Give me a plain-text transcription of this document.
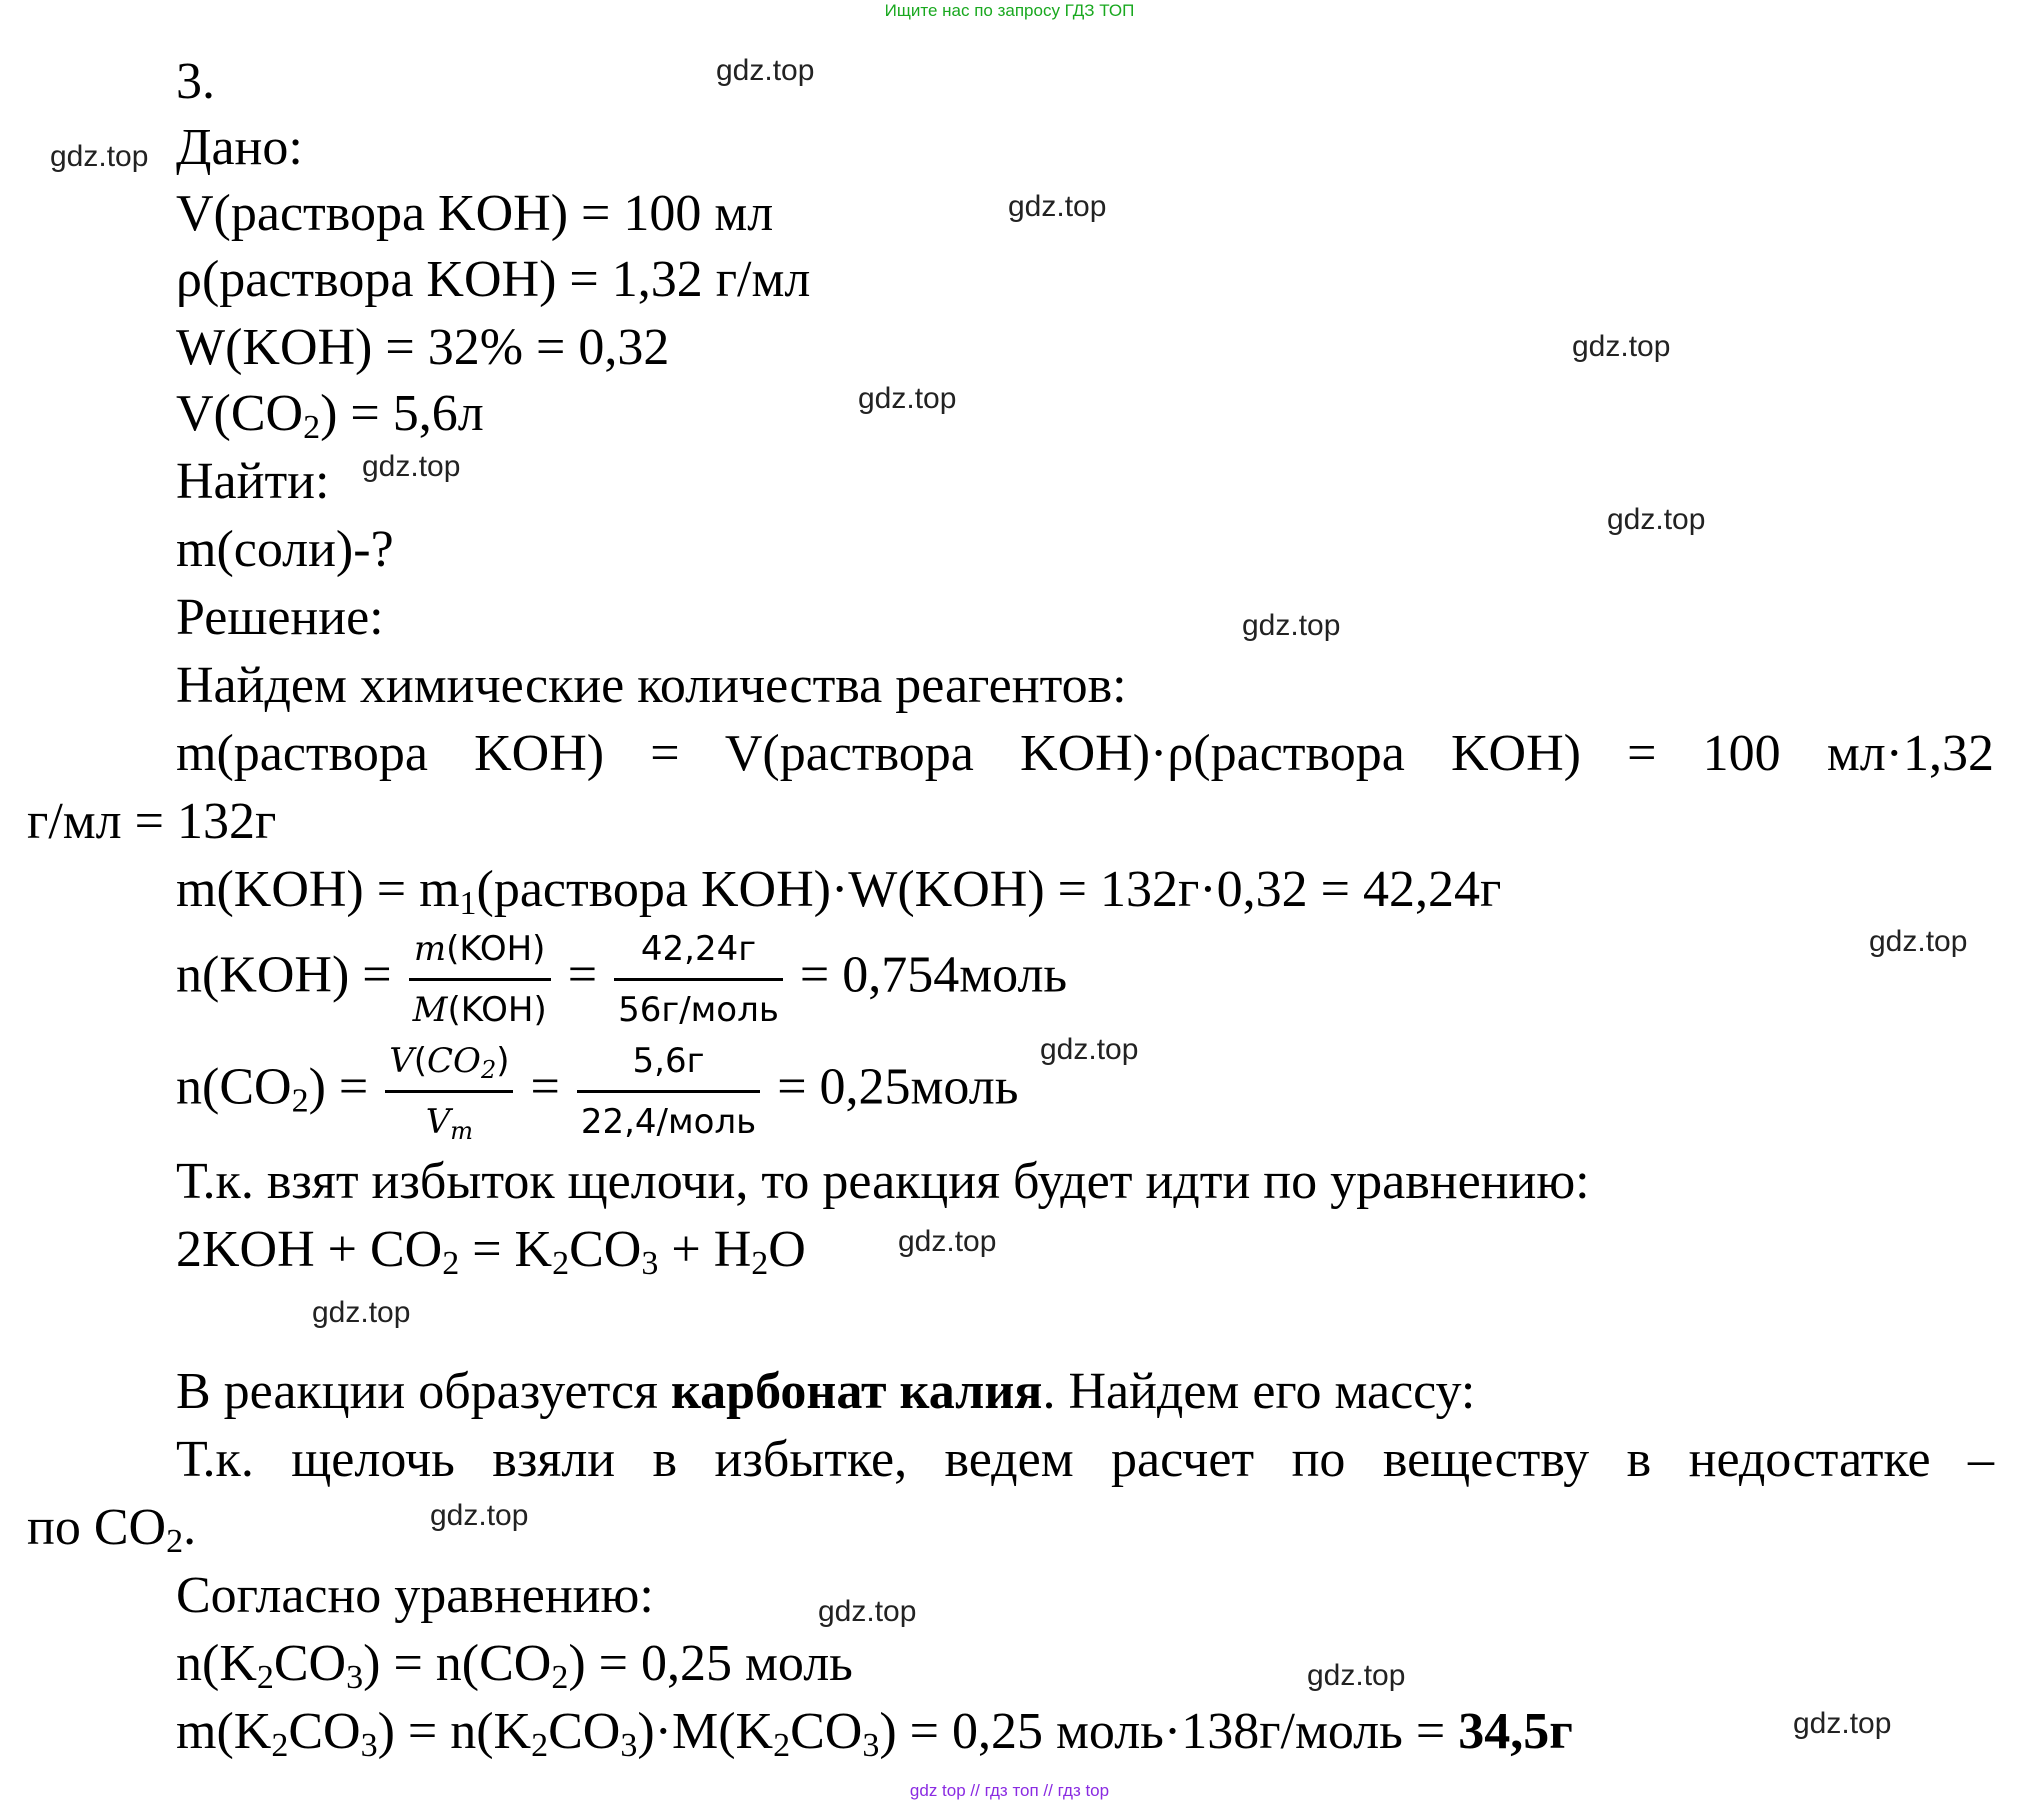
Ищите нас по запросу ГДЗ ТОП
gdz.top
gdz.top
gdz.top
gdz.top
gdz.top
gdz.top
gdz.top
gdz.top
gdz.top
gdz.top
gdz.top
gdz.top
gdz.top
gdz.top
gdz.top
gdz.top
3.
Дано:
V(раствора KOH) = 100 мл
ρ(раствора KOH) = 1,32 г/мл
W(KOH) = 32% = 0,32
$V(CO_2) = 5,6л$
Найти:
m(соли)-?
Решение:
Найдем химические количества реагентов:
m(раствора KOH) = V(раствора KOH)·ρ(раствора KOH) = 100 мл·1,32
г/мл = 132г
$m(KOH) = m_1(раствора$ KOH)·W(KOH) = 132г·0,32 = 42,24г
$n(KOH) = \frac{\text{m(KOH)}}{\text{M(KOH)}} = \frac{42,24г}{\text{56г/моль}}$ = 0,754моль
$n(CO_2) = \frac{V(CO_2)}{V_m} = \frac{5,6г}{\text{22,4/моль}}$ = 0,25моль
Т.к. взят избыток щелочи, то реакция будет идти по уравнению:
$2KOH + CO_2 = K_2CO_3 + H_2O$
В реакции образуется карбонат калия. Найдем его массу:
Т.к. щелочь взяли в избытке, ведем расчет по веществу в недостатке –
по $CO_2$.
Согласно уравнению:
$n(K_2CO_3) = n(CO_2) = 0,25$ моль
$m(K_2CO_3) = n(K_2CO_3)\cdot M(K_2CO_3) = 0,25$ моль·138г/моль = 34,5г
gdz top // гдз топ // гдз top
